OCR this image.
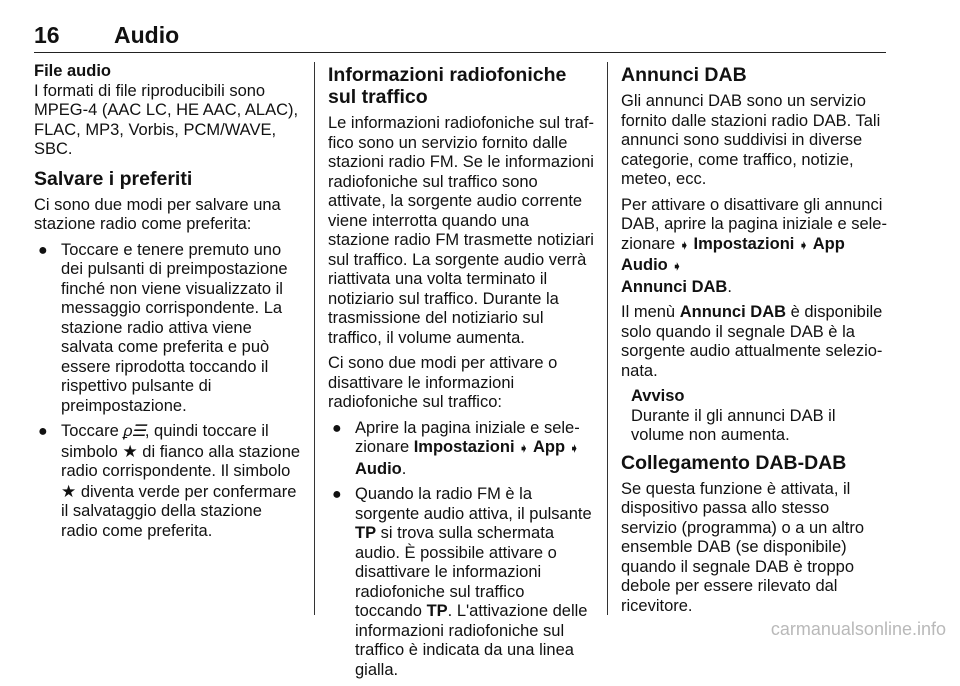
16 Audio

File audio

I formati di file riproducibili sono MPEG-4 (AAC LC, HE AAC, ALAC), FLAC, MP3, Vorbis, PCM/WAVE, SBC.

Salvare i preferiti

Ci sono due modi per salvare una stazione radio come preferita:

● Toccare e tenere premuto uno dei pulsanti di preimpostazione finché non viene visualizzato il messaggio corrispondente. La stazione radio attiva viene salvata come preferita e può essere riprodotta toccando il rispettivo pulsante di preimpostazione.
● Toccare ϼ☰, quindi toccare il simbolo ★ di fianco alla stazione radio corrispondente. Il simbolo ★ diventa verde per confermare il salvataggio della stazione radio come preferita.
Informazioni radiofoniche sul traffico

Le informazioni radiofoniche sul traffico sono un servizio fornito dalle stazioni radio FM. Se le informazioni radiofoniche sul traffico sono attivate, la sorgente audio corrente viene interrotta quando una stazione radio FM trasmette notiziari sul traffico. La sorgente audio verrà riattivata una volta terminato il notiziario sul traffico. Durante la trasmissione del notiziario sul traffico, il volume aumenta.

Ci sono due modi per attivare o disattivare le informazioni radiofoniche sul traffico:

● Aprire la pagina iniziale e selezionare Impostazioni ➧ App ➧
Audio.
● Quando la radio FM è la sorgente audio attiva, il pulsante TP si trova sulla schermata audio. È possibile attivare o disattivare le informazioni radiofoniche sul traffico toccando TP. L'attivazione delle informazioni radiofoniche sul traffico è indicata da una linea gialla.
Annunci DAB

Gli annunci DAB sono un servizio fornito dalle stazioni radio DAB. Tali annunci sono suddivisi in diverse categorie, come traffico, notizie, meteo, ecc.

Per attivare o disattivare gli annunci DAB, aprire la pagina iniziale e selezionare ➧ Impostazioni ➧ App Audio ➧
Annunci DAB.

Il menù Annunci DAB è disponibile solo quando il segnale DAB è la sorgente audio attualmente selezionata.

Avviso
Durante il gli annunci DAB il volume non aumenta.
Collegamento DAB-DAB

Se questa funzione è attivata, il dispositivo passa allo stesso servizio (programma) o a un altro ensemble DAB (se disponibile) quando il segnale DAB è troppo debole per essere rilevato dal ricevitore.

carmanualsonline.info
